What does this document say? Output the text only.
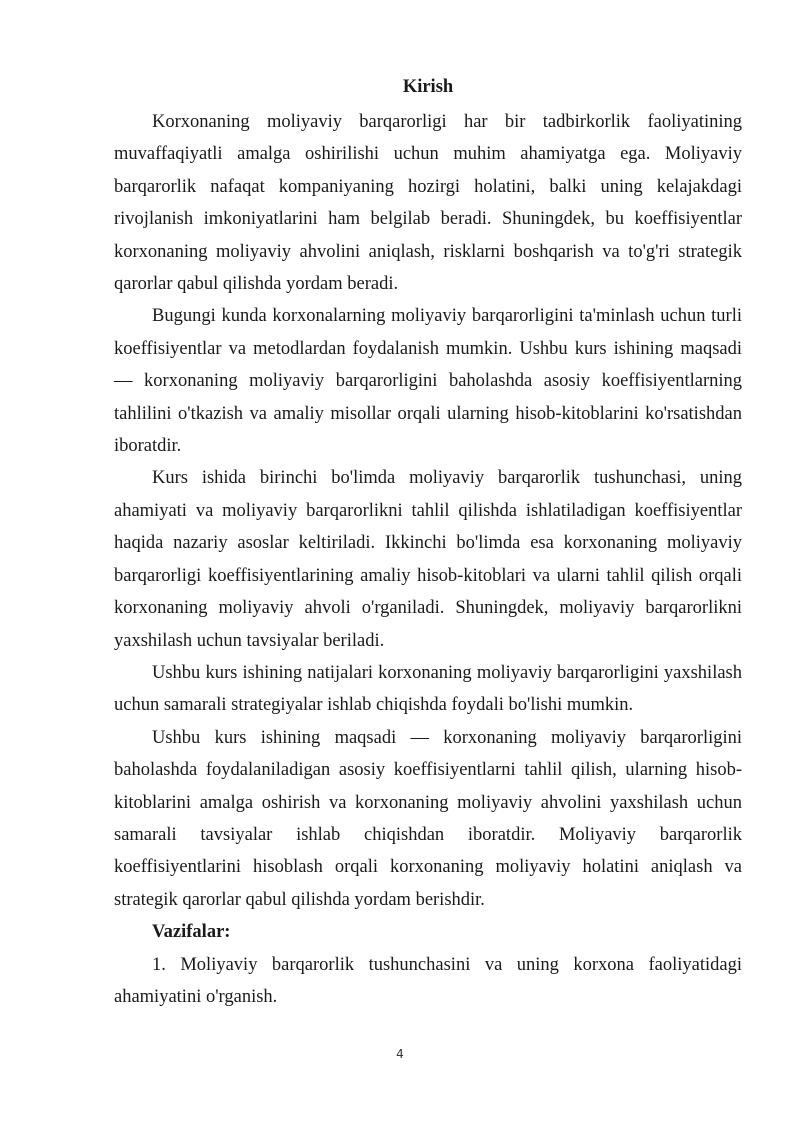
Kirish

Korxonaning moliyaviy barqarorligi har bir tadbirkorlik faoliyatining muvaffaqiyatli amalga oshirilishi uchun muhim ahamiyatga ega. Moliyaviy barqarorlik nafaqat kompaniyaning hozirgi holatini, balki uning kelajakdagi rivojlanish imkoniyatlarini ham belgilab beradi. Shuningdek, bu koeffisiyentlar korxonaning moliyaviy ahvolini aniqlash, risklarni boshqarish va to'g'ri strategik qarorlar qabul qilishda yordam beradi.

Bugungi kunda korxonalarning moliyaviy barqarorligini ta'minlash uchun turli koeffisiyentlar va metodlardan foydalanish mumkin. Ushbu kurs ishining maqsadi — korxonaning moliyaviy barqarorligini baholashda asosiy koeffisiyentlarning tahlilini o'tkazish va amaliy misollar orqali ularning hisob-kitoblarini ko'rsatishdan iboratdir.

Kurs ishida birinchi bo'limda moliyaviy barqarorlik tushunchasi, uning ahamiyati va moliyaviy barqarorlikni tahlil qilishda ishlatiladigan koeffisiyentlar haqida nazariy asoslar keltiriladi. Ikkinchi bo'limda esa korxonaning moliyaviy barqarorligi koeffisiyentlarining amaliy hisob-kitoblari va ularni tahlil qilish orqali korxonaning moliyaviy ahvoli o'rganiladi. Shuningdek, moliyaviy barqarorlikni yaxshilash uchun tavsiyalar beriladi.

Ushbu kurs ishining natijalari korxonaning moliyaviy barqarorligini yaxshilash uchun samarali strategiyalar ishlab chiqishda foydali bo'lishi mumkin.

Ushbu kurs ishining maqsadi — korxonaning moliyaviy barqarorligini baholashda foydalaniladigan asosiy koeffisiyentlarni tahlil qilish, ularning hisob-kitoblarini amalga oshirish va korxonaning moliyaviy ahvolini yaxshilash uchun samarali tavsiyalar ishlab chiqishdan iboratdir. Moliyaviy barqarorlik koeffisiyentlarini hisoblash orqali korxonaning moliyaviy holatini aniqlash va strategik qarorlar qabul qilishda yordam berishdir.

Vazifalar:

1. Moliyaviy barqarorlik tushunchasini va uning korxona faoliyatidagi ahamiyatini o'rganish.

4
